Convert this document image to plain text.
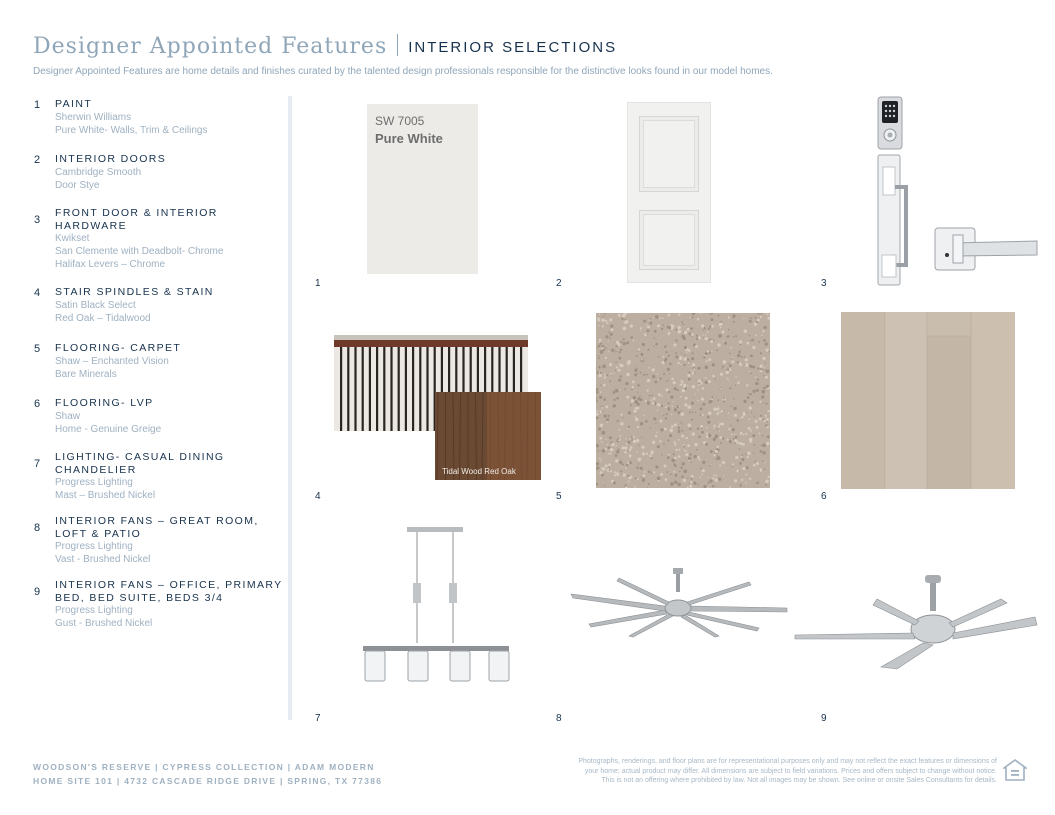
Designer Appointed Features INTERIOR SELECTIONS
Designer Appointed Features are home details and finishes curated by the talented design professionals responsible for the distinctive looks found in our model homes.
1 PAINT
Sherwin Williams
Pure White- Walls, Trim & Ceilings
2 INTERIOR DOORS
Cambridge Smooth
Door Stye
3
FRONT DOOR & INTERIOR
HARDWARE
Kwikset
San Clemente with Deadbolt- Chrome
Halifax Levers – Chrome
4 STAIR SPINDLES & STAIN
Satin Black Select
Red Oak – Tidalwood
5 FLOORING- CARPET
Shaw – Enchanted Vision
Bare Minerals
6 FLOORING- LVP
Shaw
Home - Genuine Greige
7
LIGHTING- CASUAL DINING
CHANDELIER
Progress Lighting
Mast – Brushed Nickel
8
INTERIOR FANS – GREAT ROOM,
LOFT & PATIO
Progress Lighting
Vast - Brushed Nickel
9
INTERIOR FANS – OFFICE, PRIMARY
BED, BED SUITE, BEDS 3/4
Progress Lighting
Gust - Brushed Nickel
SW 7005
Pure White
1	2	3
Tidal Wood Red Oak
4	5	6
7	8	9
WOODSON'S RESERVE | CYPRESS COLLECTION | ADAM MODERN
HOME SITE 101 | 4732 CASCADE RIDGE DRIVE | SPRING, TX 77386
Photographs, renderings, and floor plans are for representational purposes only and may not reflect the exact features or dimensions of
your home; actual product may differ. All dimensions are subject to field variations. Prices and offers subject to change without notice.
This is not an offering where prohibited by law. Not all images may be shown. See online or onsite Sales Consultants for details.
